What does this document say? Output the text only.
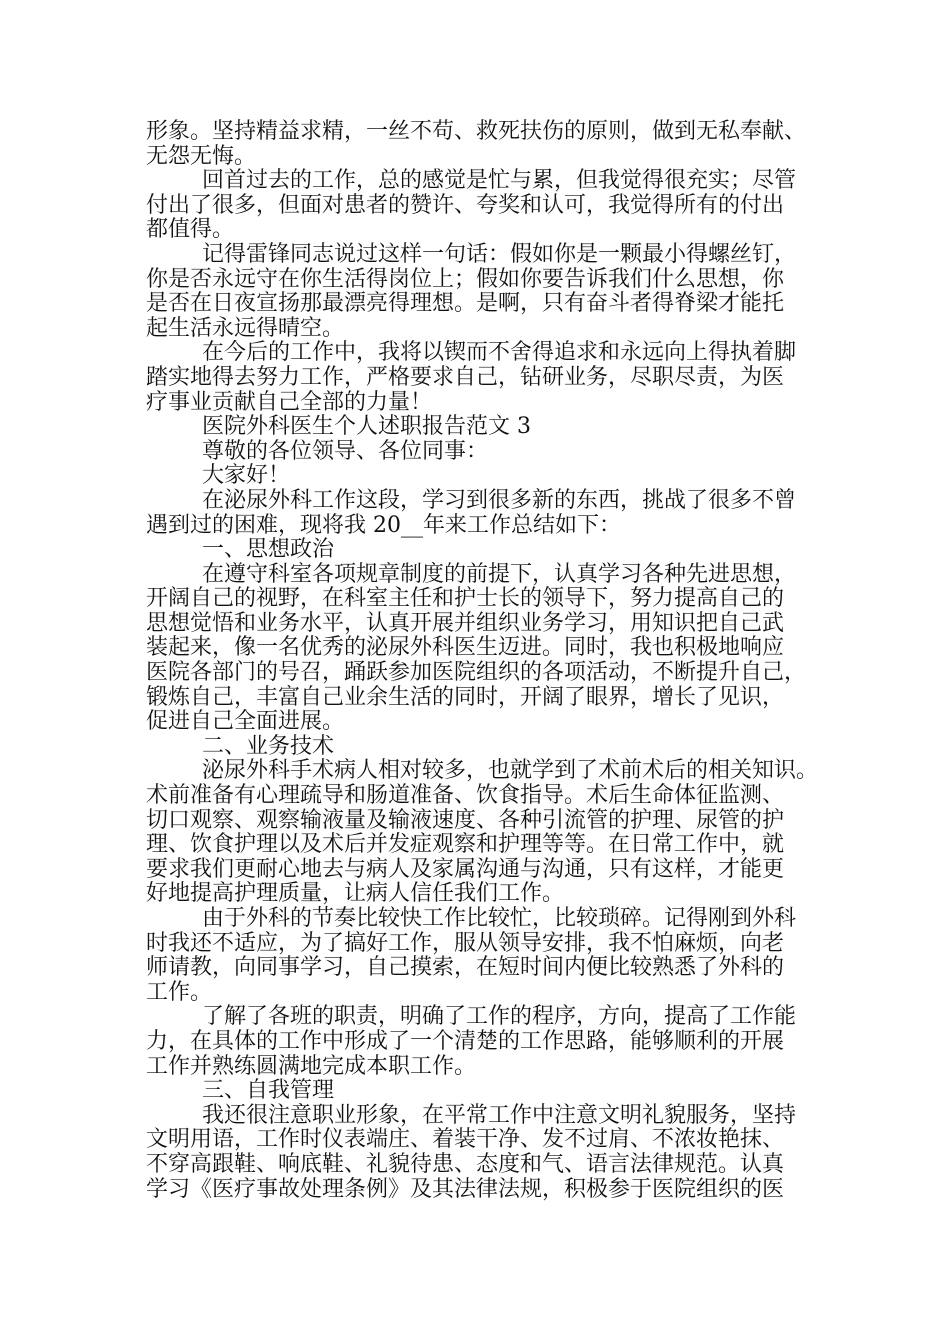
形象。坚持精益求精，一丝不苟、救死扶伤的原则，做到无私奉献、
无怨无悔。
回首过去的工作，总的感觉是忙与累，但我觉得很充实；尽管
付出了很多，但面对患者的赞许、夸奖和认可，我觉得所有的付出
都值得。
记得雷锋同志说过这样一句话：假如你是一颗最小得螺丝钉，
你是否永远守在你生活得岗位上；假如你要告诉我们什么思想，你
是否在日夜宣扬那最漂亮得理想。是啊，只有奋斗者得脊梁才能托
起生活永远得晴空。
在今后的工作中，我将以锲而不舍得追求和永远向上得执着脚
踏实地得去努力工作，严格要求自己，钻研业务，尽职尽责，为医
疗事业贡献自己全部的力量！
医院外科医生个人述职报告范文 3
尊敬的各位领导、各位同事：
大家好！
在泌尿外科工作这段，学习到很多新的东西，挑战了很多不曾
遇到过的困难，现将我 20__年来工作总结如下：
一、思想政治
在遵守科室各项规章制度的前提下，认真学习各种先进思想，
开阔自己的视野，在科室主任和护士长的领导下，努力提高自己的
思想觉悟和业务水平，认真开展并组织业务学习，用知识把自己武
装起来，像一名优秀的泌尿外科医生迈进。同时，我也积极地响应
医院各部门的号召，踊跃参加医院组织的各项活动，不断提升自己，
锻炼自己，丰富自己业余生活的同时，开阔了眼界，增长了见识，
促进自己全面进展。
二、业务技术
泌尿外科手术病人相对较多，也就学到了术前术后的相关知识。
术前准备有心理疏导和肠道准备、饮食指导。术后生命体征监测、
切口观察、观察输液量及输液速度、各种引流管的护理、尿管的护
理、饮食护理以及术后并发症观察和护理等等。在日常工作中，就
要求我们更耐心地去与病人及家属沟通与沟通，只有这样，才能更
好地提高护理质量，让病人信任我们工作。
由于外科的节奏比较快工作比较忙，比较琐碎。记得刚到外科
时我还不适应，为了搞好工作，服从领导安排，我不怕麻烦，向老
师请教，向同事学习，自己摸索，在短时间内便比较熟悉了外科的
工作。
了解了各班的职责，明确了工作的程序，方向，提高了工作能
力，在具体的工作中形成了一个清楚的工作思路，能够顺利的开展
工作并熟练圆满地完成本职工作。
三、自我管理
我还很注意职业形象，在平常工作中注意文明礼貌服务，坚持
文明用语，工作时仪表端庄、着装干净、发不过肩、不浓妆艳抹、
不穿高跟鞋、响底鞋、礼貌待患、态度和气、语言法律规范。认真
学习《医疗事故处理条例》及其法律法规，积极参于医院组织的医
